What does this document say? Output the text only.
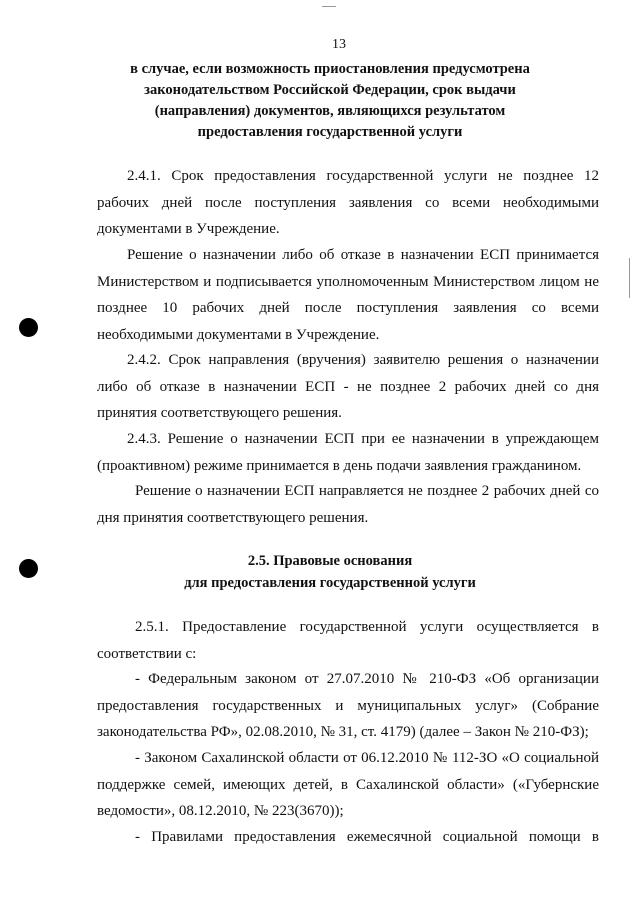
13
в случае, если возможность приостановления предусмотрена
законодательством Российской Федерации, срок выдачи
(направления) документов, являющихся результатом
предоставления государственной услуги
2.4.1. Срок предоставления государственной услуги не позднее 12
рабочих дней после поступления заявления со всеми необходимыми
документами в Учреждение.
Решение о назначении либо об отказе в назначении ЕСП принимается
Министерством и подписывается уполномоченным Министерством лицом не
позднее 10 рабочих дней после поступления заявления со всеми
необходимыми документами в Учреждение.
2.4.2. Срок направления (вручения) заявителю решения о назначении
либо об отказе в назначении ЕСП - не позднее 2 рабочих дней со дня
принятия соответствующего решения.
2.4.3. Решение о назначении ЕСП при ее назначении в упреждающем
(проактивном) режиме принимается в день подачи заявления гражданином.
Решение о назначении ЕСП направляется не позднее 2 рабочих дней со
дня принятия соответствующего решения.
2.5. Правовые основания
для предоставления государственной услуги
2.5.1. Предоставление государственной услуги осуществляется в
соответствии с:
- Федеральным законом от 27.07.2010 № 210-ФЗ «Об организации
предоставления государственных и муниципальных услуг» (Собрание
законодательства РФ», 02.08.2010, № 31, ст. 4179) (далее – Закон № 210-ФЗ);
- Законом Сахалинской области от 06.12.2010 № 112-ЗО «О социальной
поддержке семей, имеющих детей, в Сахалинской области» («Губернские
ведомости», 08.12.2010, № 223(3670));
- Правилами предоставления ежемесячной социальной помощи в
